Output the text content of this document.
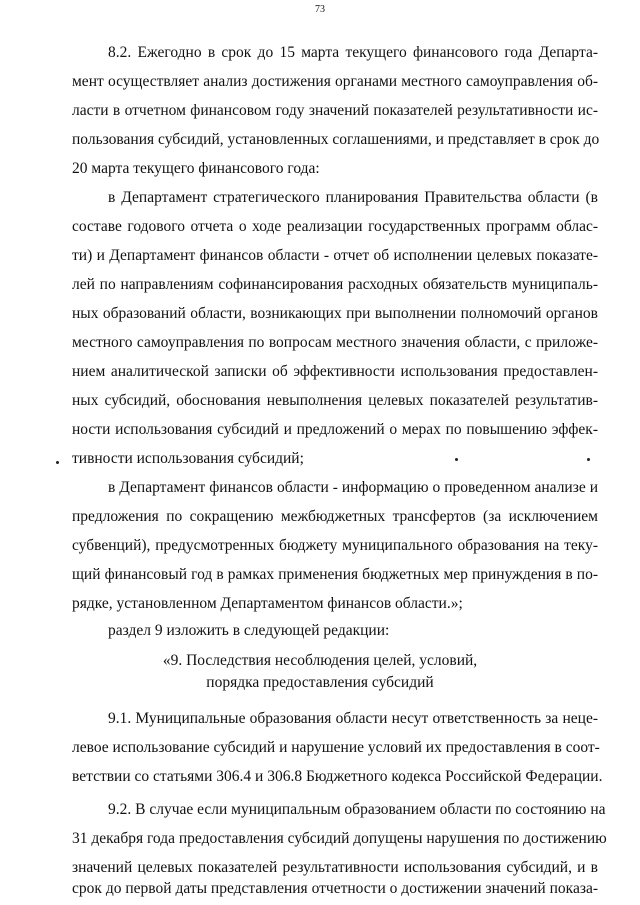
73
8.2. Ежегодно в срок до 15 марта текущего финансового года Департа-
мент осуществляет анализ достижения органами местного самоуправления об-
ласти в отчетном финансовом году значений показателей результативности ис-
пользования субсидий, установленных соглашениями, и представляет в срок до
20 марта текущего финансового года:
в Департамент стратегического планирования Правительства области (в
составе годового отчета о ходе реализации государственных программ облас-
ти) и Департамент финансов области - отчет об исполнении целевых показате-
лей по направлениям софинансирования расходных обязательств муниципаль-
ных образований области, возникающих при выполнении полномочий органов
местного самоуправления по вопросам местного значения области, с приложе-
нием аналитической записки об эффективности использования предоставлен-
ных субсидий, обоснования невыполнения целевых показателей результатив-
ности использования субсидий и предложений о мерах по повышению эффек-
тивности использования субсидий;
в Департамент финансов области - информацию о проведенном анализе и
предложения по сокращению межбюджетных трансфертов (за исключением
субвенций), предусмотренных бюджету муниципального образования на теку-
щий финансовый год в рамках применения бюджетных мер принуждения в по-
рядке, установленном Департаментом финансов области.»;
раздел 9 изложить в следующей редакции:
«9. Последствия несоблюдения целей, условий,
порядка предоставления субсидий
9.1. Муниципальные образования области несут ответственность за неце-
левое использование субсидий и нарушение условий их предоставления в соот-
ветствии со статьями 306.4 и 306.8 Бюджетного кодекса Российской Федерации.
9.2. В случае если муниципальным образованием области по состоянию на
31 декабря года предоставления субсидий допущены нарушения по достижению
значений целевых показателей результативности использования субсидий, и в
срок до первой даты представления отчетности о достижении значений показа-
